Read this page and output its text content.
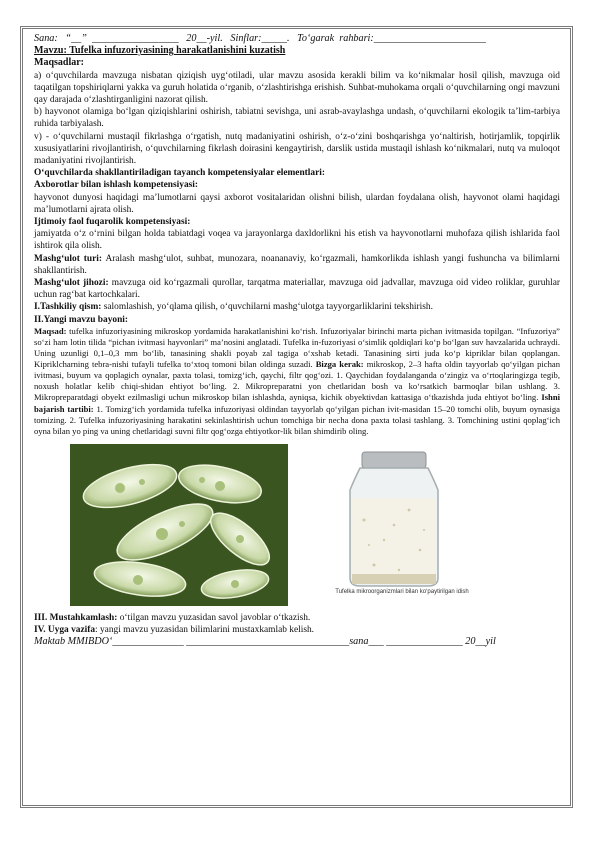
Sana:   “__”  _________________   20__-yil.   Sinflar:_____.   To‘garak  rahbari:______________________

Mavzu: Tufelka infuzoriyasining harakatlanishini kuzatish

Maqsadlar:

a) o‘quvchilarda mavzuga nisbatan qiziqish uyg‘otiladi, ular mavzu asosida kerakli bilim va ko‘nikmalar hosil qilish, mavzuga oid taqatilgan topshiriqlarni yakka va guruh holatida o‘rganib, o‘zlashtirishga erishish. Suhbat-muhokama orqali o‘quvchilarning ongi mavzuni qay darajada o‘zlashtirganligini nazorat qilish.

b) hayvonot olamiga bo‘lgan qiziqishlarini oshirish, tabiatni sevishga, uni asrab-avaylashga undash, o‘quvchilarni ekologik ta’lim-tarbiya ruhida tarbiyalash.

v) - o‘quvchilarni mustaqil fikrlashga o‘rgatish, nutq madaniyatini oshirish, o‘z-o‘zini boshqarishga yo‘naltirish, hotirjamlik, topqirlik xususiyatlarini rivojlantirish, o‘quvchilarning fikrlash doirasini kengaytirish, darslik ustida mustaqil ishlash ko‘nikmalari, nutq va muloqot madaniyatini rivojlantirish.

O‘quvchilarda shakllantiriladigan tayanch kompetensiyalar elementlari:

Axborotlar bilan ishlash kompetensiyasi:

hayvonot dunyosi haqidagi ma’lumotlarni qaysi axborot vositalaridan olishni bilish, ulardan foydalana olish, hayvonot olami haqidagi ma’lumotlarni ajrata olish.

Ijtimoiy faol fuqarolik kompetensiyasi:

jamiyatda o‘z o‘rnini bilgan holda tabiatdagi voqea va jarayonlarga daxldorlikni his etish va hayvonotlarni muhofaza qilish ishlarida faol ishtirok qila olish.

Mashg‘ulot turi: Aralash mashg‘ulot, suhbat, munozara, noananaviy, ko‘rgazmali, hamkorlikda ishlash yangi fushuncha va bilimlarni shakllantirish.

Mashg‘ulot jihozi: mavzuga oid ko‘rgazmali qurollar, tarqatma materiallar, mavzuga oid jadvallar, mavzuga oid video roliklar, guruhlar uchun rag‘bat kartochkalari.

I.Tashkiliy qism: salomlashish, yo‘qlama qilish, o‘quvchilarni mashg‘ulotga tayyorgarliklarini tekshirish.

II.Yangi mavzu bayoni:

Maqsad: tufelka infuzoriyasining mikroskop yordamida harakatlanishini ko‘rish. Infuzoriyalar birinchi marta pichan ivitmasida topilgan. “Infuzoriya” so‘zi ham lotin tilida “pichan ivitmasi hayvonlari” ma’nosini anglatadi. Tufelka in-fuzoriyasi o‘simlik qoldiqlari ko‘p bo‘lgan suv havzalarida uchraydi. Uning uzunligi 0,1–0,3 mm bo‘lib, tanasining shakli poyab zal tagiga o‘xshab ketadi. Tanasining sirti juda ko‘p kipriklar bilan qoplangan. Kipriklcharning tebra-nishi tufayli tufelka to‘xtoq tomoni bilan oldinga suzadi. Bizga kerak: mikroskop, 2–3 hafta oldin tayyorlab qo‘yilgan pichan ivitmasi, buyum va qoplagich oynalar, paxta tolasi, tomizg‘ich, qaychi, filtr qog‘ozi. 1. Qaychidan foydalanganda o‘zingiz va o‘rtoqlaringizga tegib, noxush holatlar kelib chiqi-shidan ehtiyot bo‘ling. 2. Mikropreparatni yon chetlaridan bosh va ko‘rsatkich barmoqlar bilan ushlang. 3. Mikropreparatdagi obyekt ezilmasligi uchun mikroskop bilan ishlashda, ayniqsa, kichik obyektivdan kattasiga o‘tkazishda juda ehtiyot bo‘ling. Ishni bajarish tartibi: 1. Tomizg‘ich yordamida tufelka infuzoriyasi oldindan tayyorlab qo‘yilgan pichan ivit-masidan 15–20 tomchi olib, buyum oynasiga tomizing. 2. Tufelka infuzoriyasining harakatini sekinlashtirish uchun tomchiga bir necha dona paxta tolasi tashlang. 3. Tomchining ustini qoplag‘ich oyna bilan yo ping va uning chetlaridagi suvni filtr qog‘ozga ehtiyotkor-lik bilan shimdirib oling.

Tufelka mikroorganizmlari bilan ko‘paytirilgan idish

III. Mustahkamlash: o‘tilgan mavzu yuzasidan savol javoblar o‘tkazish.

IV. Uyga vazifa: yangi mavzu yuzasidan bilimlarini mustaxkamlab kelish.

Maktab MMIBDO‘______________ ________________________________sana___ _______________ 20__yil
